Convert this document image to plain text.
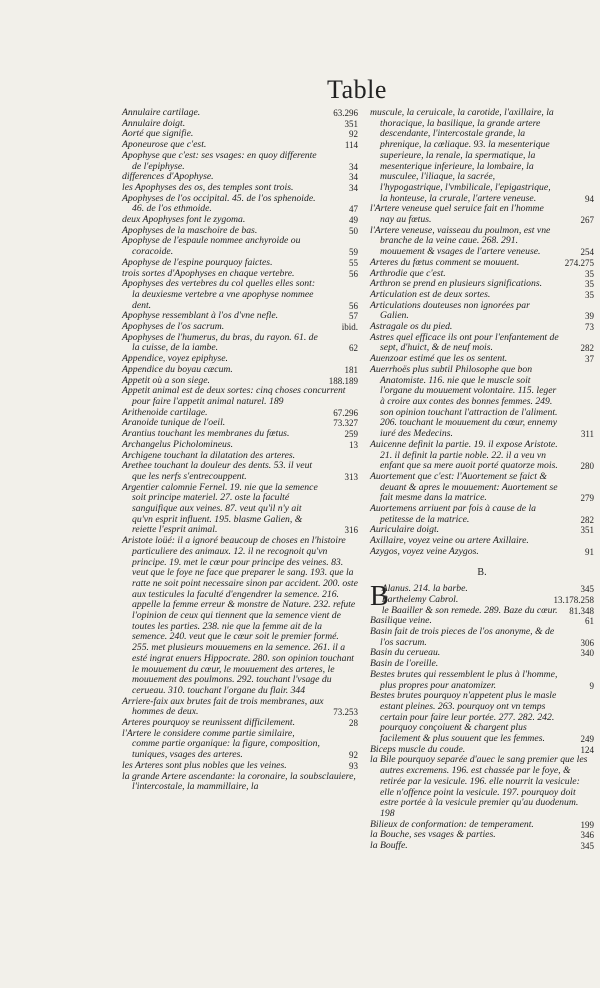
Table
Annulaire cartilage.	63.296
Annulaire doigt.	351
Aorté que signifie.	92
Aponeurose que c'est.	114
Apophyse que c'est: ses vsages: en quoy differente de l'epiphyse.	34
differences d'Apophyse.	34
les Apophyses des os, des temples sont trois.	34
Apophyses de l'os occipital. 45. de l'os sphenoide. 46. de l'os ethmoide.	47
deux Apophyses font le zygoma.	49
Apophyses de la maschoire de bas.	50
Apophyse de l'espaule nommee anchyroide ou coracoide.	59
Apophyse de l'espine pourquoy faictes.	55
trois sortes d'Apophyses en chaque vertebre.	56
Apophyses des vertebres du col quelles elles sont: la deuxiesme vertebre a vne apophyse nommee dent.	56
Apophyse ressemblant à l'os d'vne nefle.	57
Apophyses de l'os sacrum.	ibid.
Apophyses de l'humerus, du bras, du rayon. 61. de la cuisse, de la iambe.	62
Appendice, voyez epiphyse.
Appendice du boyau cæcum.	181
Appetit où a son siege.	188.189
Appetit animal est de deux sortes: cinq choses concurrent pour faire l'appetit animal naturel. 189
Arithenoide cartilage.	67.296
Aranoide tunique de l'oeil.	73.327
Arantius touchant les membranes du fœtus.	259
Archangelus Picholomineus.	13
Archigene touchant la dilatation des arteres.
Arethee touchant la douleur des dents. 53. il veut que les nerfs s'entrecouppent.	313
Argentier calomnie Fernel. 19. nie que la semence soit principe materiel. 27. oste la faculté sanguifique aux veines. 87. veut qu'il n'y ait qu'vn esprit influent. 195. blasme Galien, & reiette l'esprit animal.	316
Aristote loüé: il a ignoré beaucoup de choses en l'histoire particuliere des animaux. 12. il ne recognoit qu'vn principe. 19. met le cœur pour principe des veines. 83. veut que le foye ne face que preparer le sang. 193. que la ratte ne soit point necessaire sinon par accident. 200. oste aux testicules la faculté d'engendrer la semence. 216. appelle la femme erreur & monstre de Nature. 232. refute l'opinion de ceux qui tiennent que la semence vient de toutes les parties. 238. nie que la femme ait de la semence. 240. veut que le cœur soit le premier formé. 255. met plusieurs mouuemens en la semence. 261. il a esté ingrat enuers Hippocrate. 280. son opinion touchant le mouuement du cœur, le mouuement des arteres, le mouuement des poulmons. 292. touchant l'vsage du cerueau. 310. touchant l'organe du flair. 344
Arriere-faix aux brutes fait de trois membranes, aux hommes de deux.	73.253
Arteres pourquoy se reunissent difficilement.	28
l'Artere le considere comme partie similaire, comme partie organique: la figure, composition, tuniques, vsages des arteres.	92
les Arteres sont plus nobles que les veines.	93
la grande Artere ascendante: la coronaire, la soubsclauiere, l'intercostale, la mammillaire, la
muscule, la ceruicale, la carotide, l'axillaire, la thoracique, la basilique, la grande artere descendante, l'intercostale grande, la phrenique, la cœliaque. 93. la mesenterique superieure, la renale, la spermatique, la mesenterique inferieure, la lombaire, la musculee, l'iliaque, la sacrée, l'hypogastrique, l'vmbilicale, l'epigastrique, la honteuse, la crurale, l'artere veneuse.	94
l'Artere veneuse quel seruice fait en l'homme nay au fœtus.	267
l'Artere veneuse, vaisseau du poulmon, est vne branche de la veine caue. 268. 291. mouuement & vsages de l'artere veneuse.	254
Arteres du fœtus comment se mouuent.	274.275
Arthrodie que c'est.	35
Arthron se prend en plusieurs significations.	35
Articulation est de deux sortes.	35
Articulations douteuses non ignorées par Galien.	39
Astragale os du pied.	73
Astres quel efficace ils ont pour l'enfantement de sept, d'huict, & de neuf mois.	282
Auenzoar estimé que les os sentent.	37
Auerrhoës plus subtil Philosophe que bon Anatomiste. 116. nie que le muscle soit l'organe du mouuement volontaire. 115. leger à croire aux contes des bonnes femmes. 249. son opinion touchant l'attraction de l'aliment. 206. touchant le mouuement du cœur, ennemy iuré des Medecins.	311
Auicenne definit la partie. 19. il expose Aristote. 21. il definit la partie noble. 22. il a veu vn enfant que sa mere auoit porté quatorze mois.	280
Auortement que c'est: l'Auortement se faict & deuant & apres le mouuement: Auortement se fait mesme dans la matrice.	279
Auortemens arriuent par fois à cause de la petitesse de la matrice.	282
Auriculaire doigt.	351
Axillaire, voyez veine ou artere Axillaire.
Azygos, voyez veine Azygos.	91
B.
B
Alanus. 214. la barbe.	345
Barthelemy Cabrol.	13.178.258
le Baailler & son remede. 289. Baze du cœur.	81.348
Basilique veine.	61
Basin fait de trois pieces de l'os anonyme, & de l'os sacrum.	306
Basin du cerueau.	340
Basin de l'oreille.
Bestes brutes qui ressemblent le plus à l'homme, plus propres pour anatomizer.	9
Bestes brutes pourquoy n'appetent plus le masle estant pleines. 263. pourquoy ont vn temps certain pour faire leur portée. 277. 282. 242. pourquoy conçoiuent & chargent plus facilement & plus souuent que les femmes.	249
Biceps muscle du coude.	124
la Bile pourquoy separée d'auec le sang premier que les autres excremens. 196. est chassée par le foye, & retirée par la vesicule. 196. elle nourrit la vesicule: elle n'offence point la vesicule. 197. pourquoy doit estre portée à la vesicule premier qu'au duodenum. 198
Bilieux de conformation: de temperament.	199
la Bouche, ses vsages & parties.	346
la Bouffe.	345
